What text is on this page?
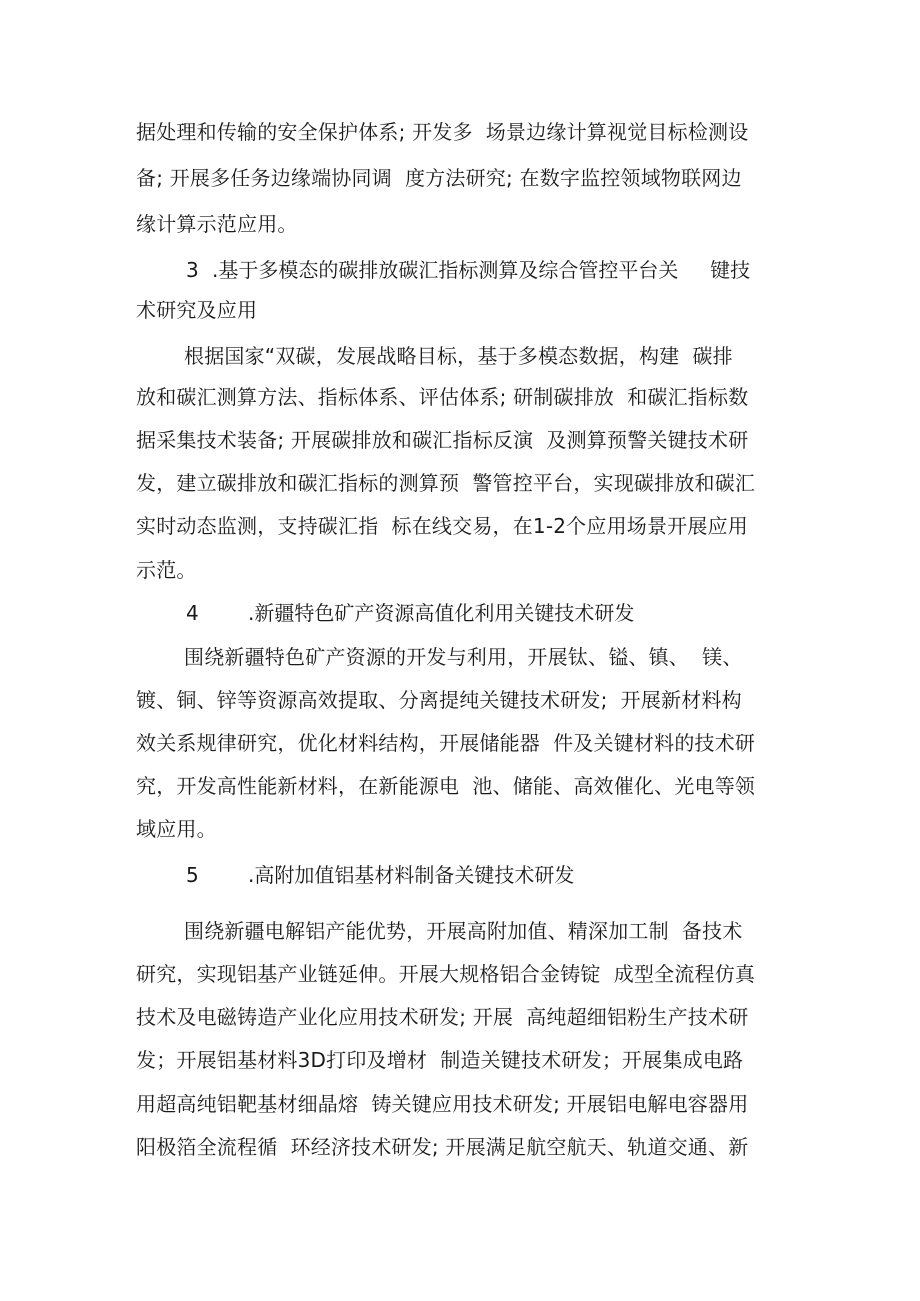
据处理和传输的安全保护体系; 开发多  场景边缘计算视觉目标检测设
备; 开展多任务边缘端协同调  度方法研究; 在数字监控领域物联网边
缘计算示范应用。
3 .基于多模态的碳排放碳汇指标测算及综合管控平台关     键技
术研究及应用
根据国家“双碳，发展战略目标，基于多模态数据，构建  碳排
放和碳汇测算方法、指标体系、评估体系; 研制碳排放  和碳汇指标数
据采集技术装备; 开展碳排放和碳汇指标反演  及测算预警关键技术研
发，建立碳排放和碳汇指标的测算预  警管控平台，实现碳排放和碳汇
实时动态监测，支持碳汇指  标在线交易，在1-2个应用场景开展应用
示范。
4 .新疆特色矿产资源高值化利用关键技术研发
围绕新疆特色矿产资源的开发与利用，开展钛、镒、镇、  镁、
镀、铜、锌等资源高效提取、分离提纯关键技术研发;  开展新材料构
效关系规律研究，优化材料结构，开展储能器  件及关键材料的技术研
究，开发高性能新材料，在新能源电  池、储能、高效催化、光电等领
域应用。
5 .高附加值铝基材料制备关键技术研发
围绕新疆电解铝产能优势，开展高附加值、精深加工制  备技术
研究，实现铝基产业链延伸。开展大规格铝合金铸锭  成型全流程仿真
技术及电磁铸造产业化应用技术研发; 开展  高纯超细铝粉生产技术研
发；开展铝基材料3D打印及增材  制造关键技术研发；开展集成电路
用超高纯铝靶基材细晶熔  铸关键应用技术研发; 开展铝电解电容器用
阳极箔全流程循  环经济技术研发; 开展满足航空航天、轨道交通、新
